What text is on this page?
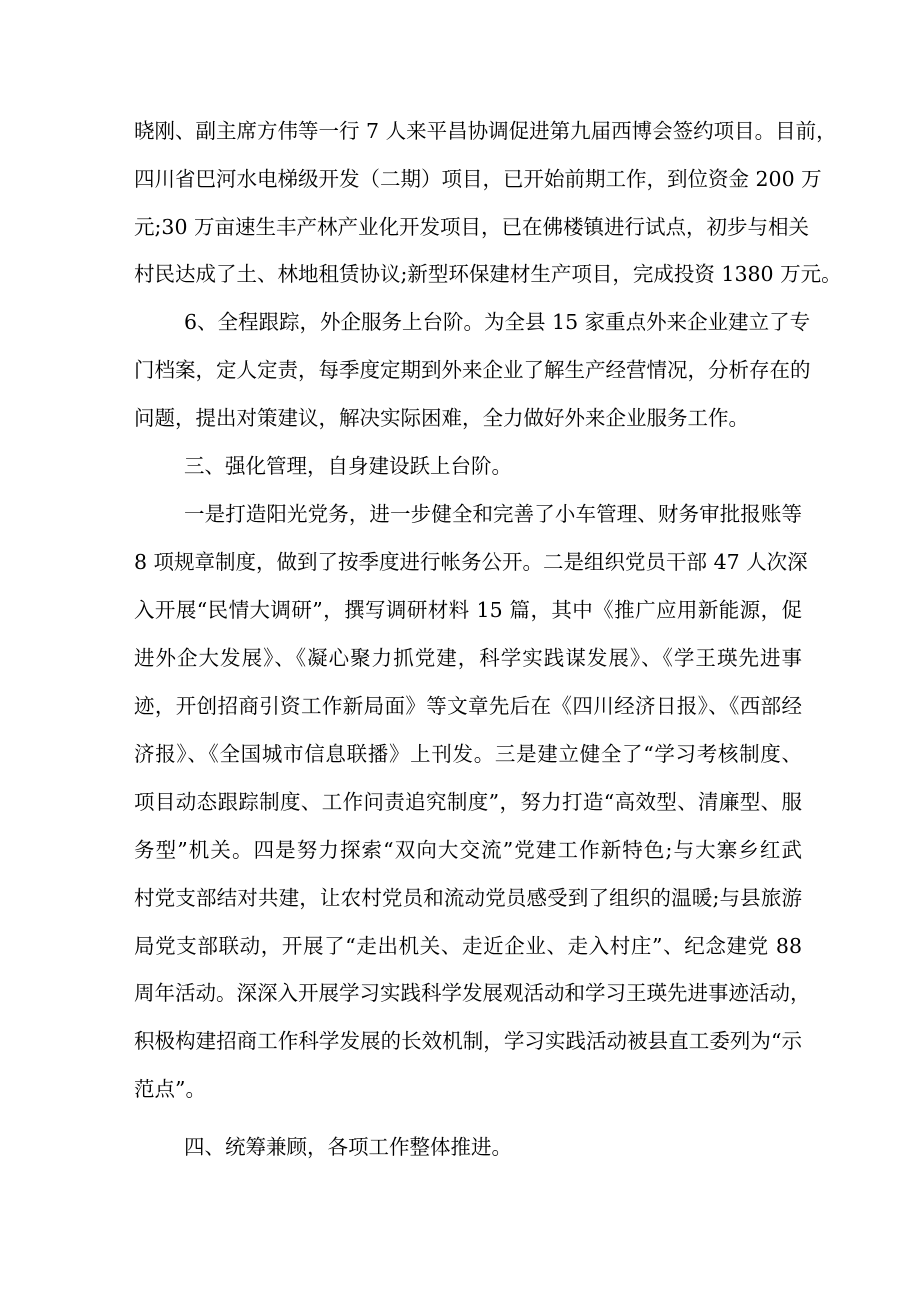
晓刚、副主席方伟等一行 7 人来平昌协调促进第九届西博会签约项目。目前，
四川省巴河水电梯级开发（二期）项目，已开始前期工作，到位资金 200 万
元;30 万亩速生丰产林产业化开发项目，已在佛楼镇进行试点，初步与相关
村民达成了土、林地租赁协议;新型环保建材生产项目，完成投资 1380 万元。
6、全程跟踪，外企服务上台阶。为全县 15 家重点外来企业建立了专
门档案，定人定责，每季度定期到外来企业了解生产经营情况，分析存在的
问题，提出对策建议，解决实际困难，全力做好外来企业服务工作。
三、强化管理，自身建设跃上台阶。
一是打造阳光党务，进一步健全和完善了小车管理、财务审批报账等
8 项规章制度，做到了按季度进行帐务公开。二是组织党员干部 47 人次深
入开展“民情大调研”，撰写调研材料 15 篇，其中《推广应用新能源，促
进外企大发展》、《凝心聚力抓党建，科学实践谋发展》、《学王瑛先进事
迹，开创招商引资工作新局面》等文章先后在《四川经济日报》、《西部经
济报》、《全国城市信息联播》上刊发。三是建立健全了“学习考核制度、
项目动态跟踪制度、工作问责追究制度”，努力打造“高效型、清廉型、服
务型”机关。四是努力探索“双向大交流”党建工作新特色;与大寨乡红武
村党支部结对共建，让农村党员和流动党员感受到了组织的温暖;与县旅游
局党支部联动，开展了“走出机关、走近企业、走入村庄”、纪念建党 88
周年活动。深深入开展学习实践科学发展观活动和学习王瑛先进事迹活动，
积极构建招商工作科学发展的长效机制，学习实践活动被县直工委列为“示
范点”。
四、统筹兼顾，各项工作整体推进。
